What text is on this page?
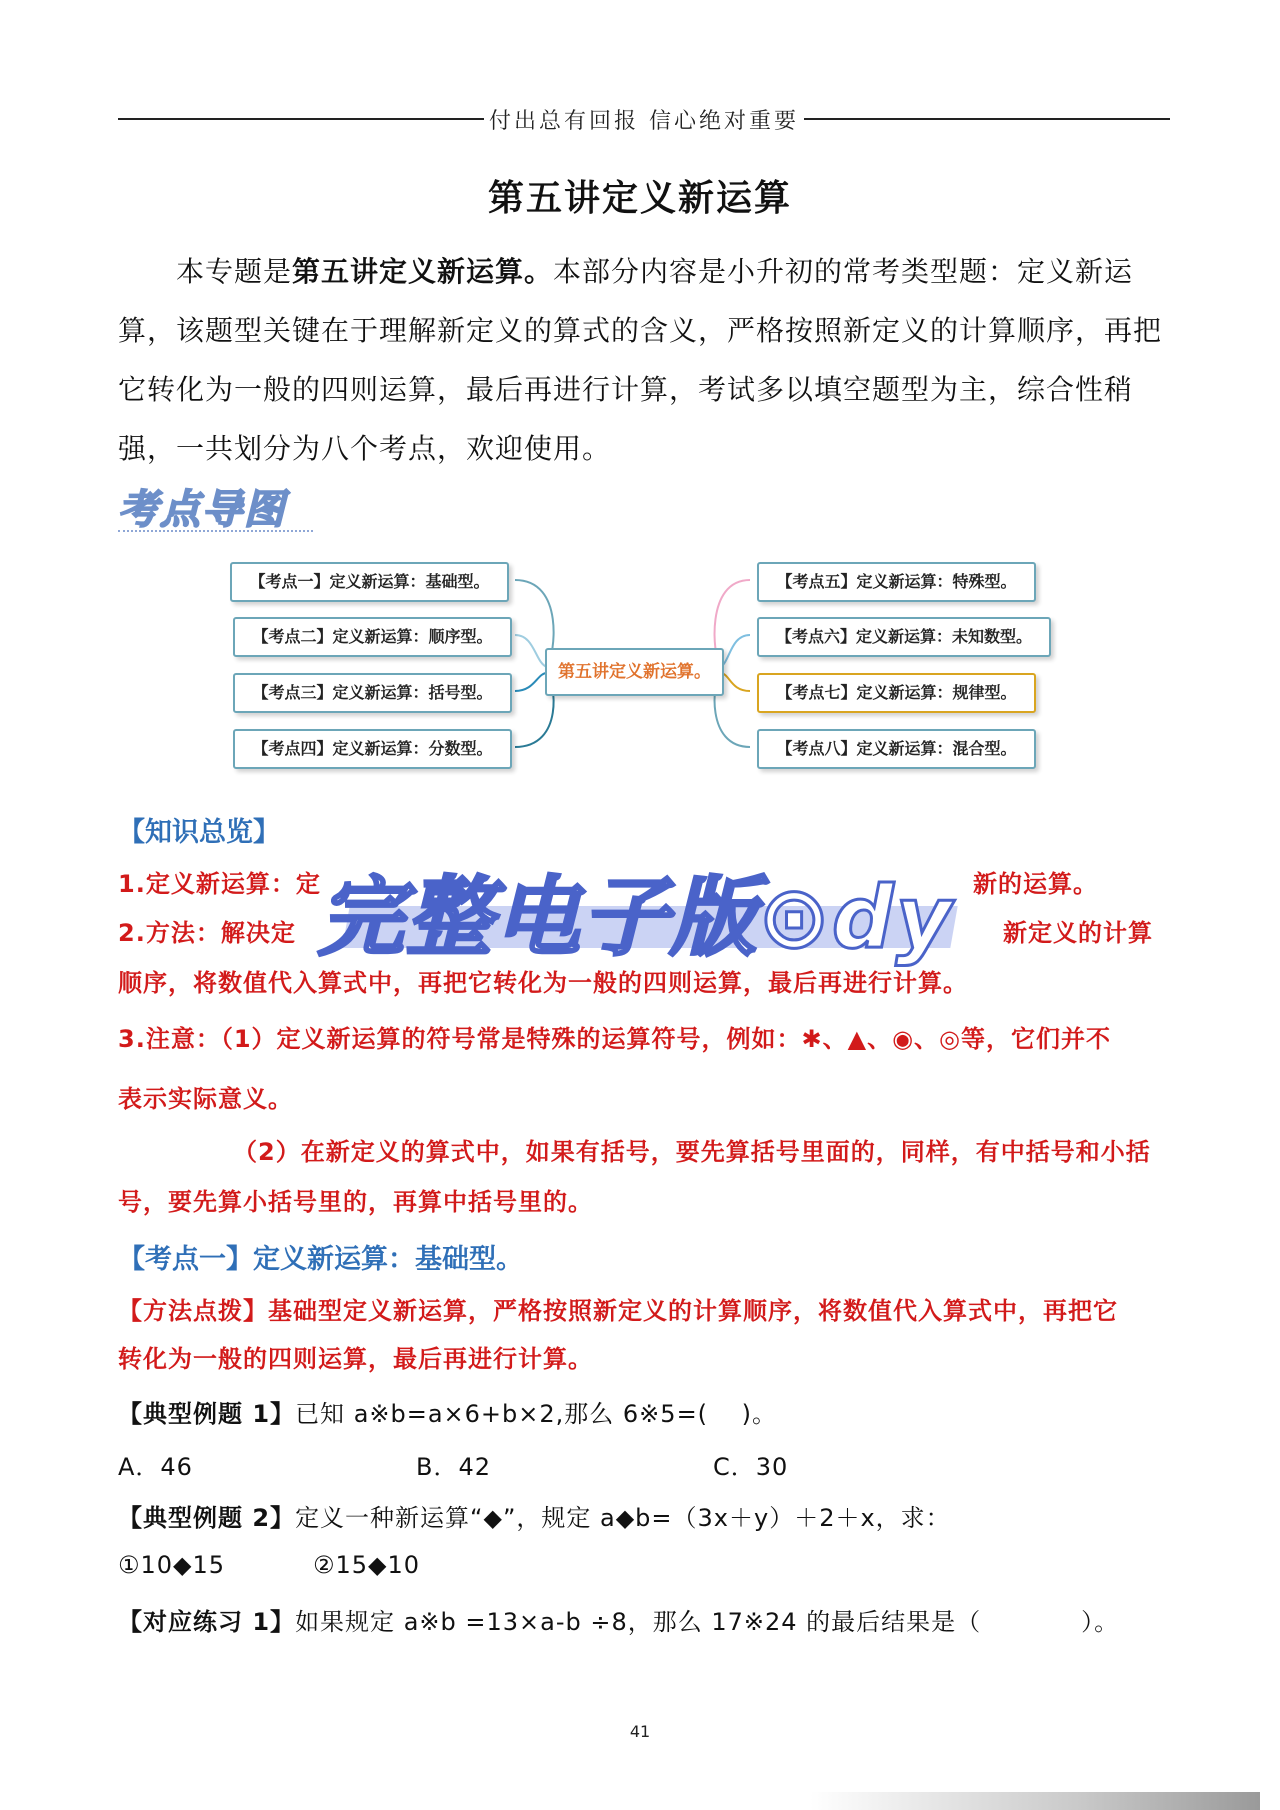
付出总有回报 信心绝对重要
第五讲定义新运算
本专题是第五讲定义新运算。本部分内容是小升初的常考类型题：定义新运算，该题型关键在于理解新定义的算式的含义，严格按照新定义的计算顺序，再把它转化为一般的四则运算，最后再进行计算，考试多以填空题型为主，综合性稍强，一共划分为八个考点，欢迎使用。
考点导图
【考点一】定义新运算：基础型。
【考点二】定义新运算：顺序型。
【考点三】定义新运算：括号型。
【考点四】定义新运算：分数型。
第五讲定义新运算。
【考点五】定义新运算：特殊型。
【考点六】定义新运算：未知数型。
【考点七】定义新运算：规律型。
【考点八】定义新运算：混合型。
【知识总览】
1.定义新运算：定	新的运算。
2.方法：解决定	新定义的计算
顺序，将数值代入算式中，再把它转化为一般的四则运算，最后再进行计算。
3.注意：（1）定义新运算的符号常是特殊的运算符号，例如：✱、▲、◉、◎等，它们并不
表示实际意义。
（2）在新定义的算式中，如果有括号，要先算括号里面的，同样，有中括号和小括
号，要先算小括号里的，再算中括号里的。
完整电子版⊙dy
【考点一】定义新运算：基础型。
【方法点拨】基础型定义新运算，严格按照新定义的计算顺序，将数值代入算式中，再把它
转化为一般的四则运算，最后再进行计算。
【典型例题 1】已知 a※b=a×6+b×2,那么 6※5=(　 )。
A．46	B．42	C．30
【典型例题 2】定义一种新运算“◆”，规定 a◆b=（3x＋y）＋2＋x，求：
①10◆15	②15◆10
【对应练习 1】如果规定 a※b =13×a-b ÷8，那么 17※24 的最后结果是（　　　　）。
41
